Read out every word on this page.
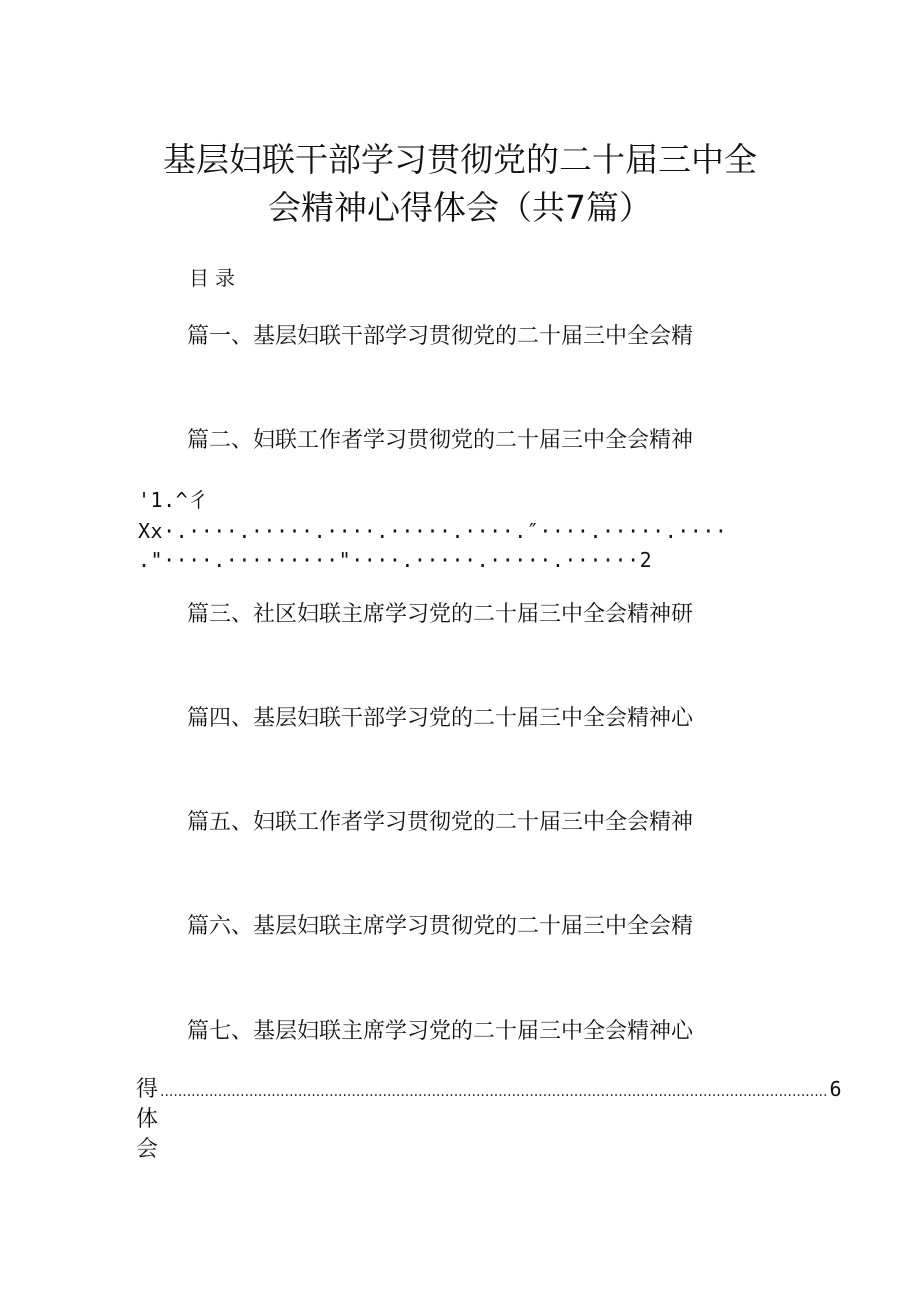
基层妇联干部学习贯彻党的二十届三中全
会精神心得体会（共7篇）
目录
篇一、基层妇联干部学习贯彻党的二十届三中全会精
篇二、妇联工作者学习贯彻党的二十届三中全会精神
'1.^彳
Xx·.····.·····.····.·····.····.″····.·····.····
."····.·········"····.·····.·····.······2
篇三、社区妇联主席学习党的二十届三中全会精神研
篇四、基层妇联干部学习党的二十届三中全会精神心
篇五、妇联工作者学习贯彻党的二十届三中全会精神
篇六、基层妇联主席学习贯彻党的二十届三中全会精
篇七、基层妇联主席学习党的二十届三中全会精神心
得体会
...................................................................................................................................................... 6
